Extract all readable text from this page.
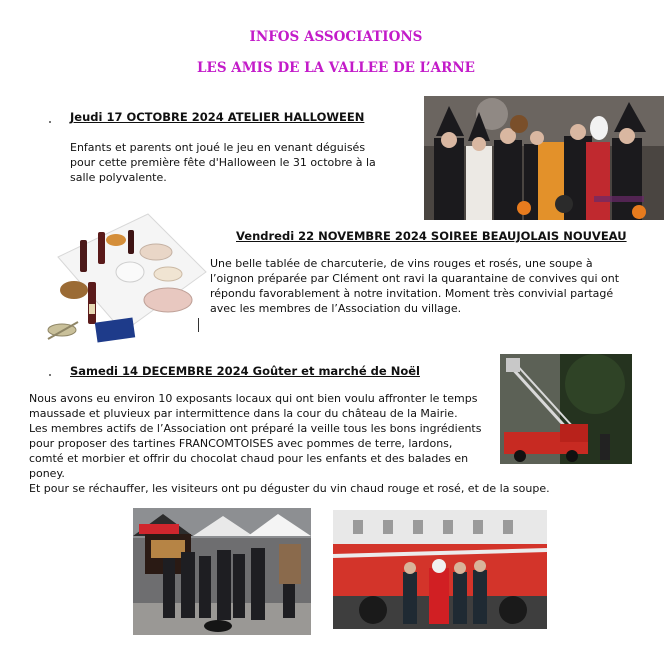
INFOS ASSOCIATIONS
LES AMIS DE LA VALLEE DE L’ARNE
Jeudi 17 OCTOBRE 2024 ATELIER HALLOWEEN
Enfants et parents ont joué le jeu en venant déguisés
pour cette première fête d'Halloween le 31 octobre à la
salle polyvalente.
Vendredi 22 NOVEMBRE 2024 SOIREE BEAUJOLAIS NOUVEAU
Une belle tablée de charcuterie, de vins rouges et rosés, une soupe à
l’oignon préparée par Clément ont ravi la quarantaine de convives qui ont
répondu favorablement à notre invitation. Moment très convivial partagé
avec les membres de l’Association du village.
Samedi 14 DECEMBRE 2024 Goûter et marché de Noël
Nous avons eu environ 10 exposants locaux qui ont bien voulu affronter le temps
maussade et pluvieux par intermittence dans la cour du château de la Mairie.
Les membres actifs de l’Association ont préparé la veille tous les bons ingrédients
pour proposer des tartines FRANCOMTOISES avec pommes de terre, lardons,
comté et morbier et offrir du chocolat chaud pour les enfants et des balades en
poney.
Et pour se réchauffer, les visiteurs ont pu déguster du vin chaud rouge et rosé, et de la soupe.
